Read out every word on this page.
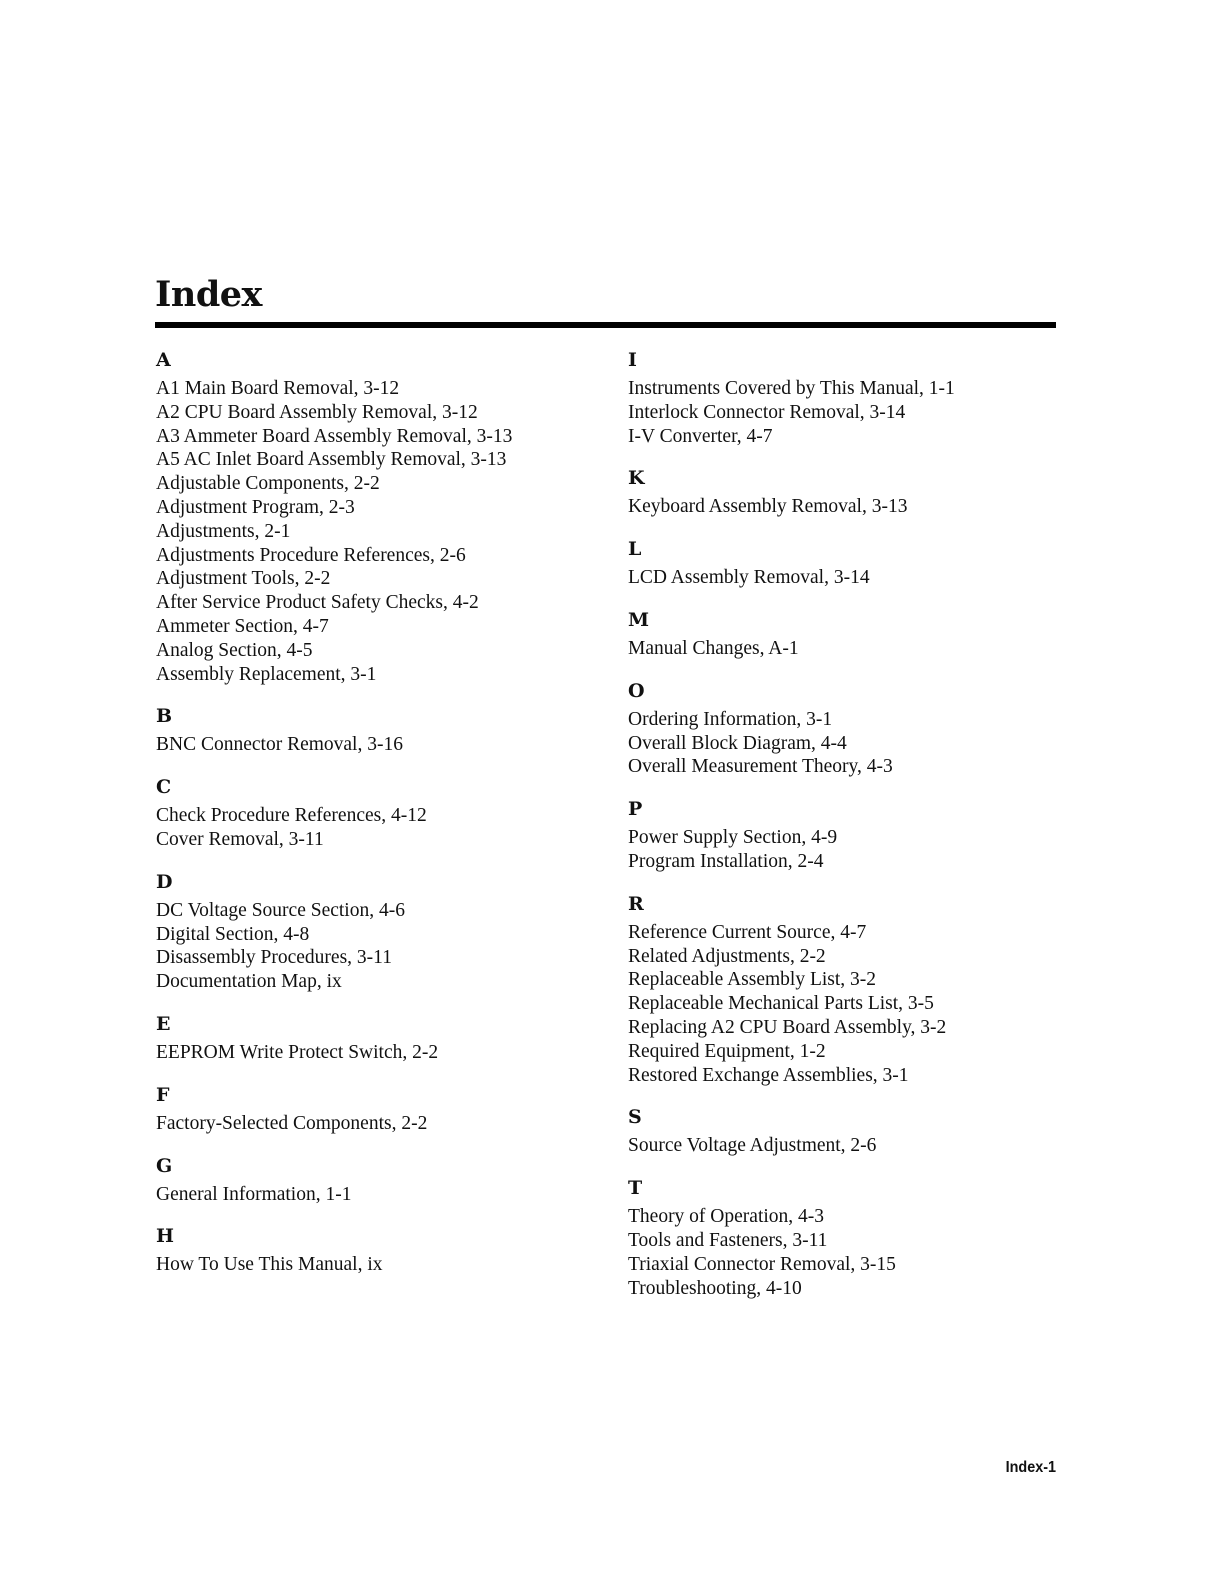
Index
A
A1 Main Board Removal, 3-12
A2 CPU Board Assembly Removal, 3-12
A3 Ammeter Board Assembly Removal, 3-13
A5 AC Inlet Board Assembly Removal, 3-13
Adjustable Components, 2-2
Adjustment Program, 2-3
Adjustments, 2-1
Adjustments Procedure References, 2-6
Adjustment Tools, 2-2
After Service Product Safety Checks, 4-2
Ammeter Section, 4-7
Analog Section, 4-5
Assembly Replacement, 3-1
B
BNC Connector Removal, 3-16
C
Check Procedure References, 4-12
Cover Removal, 3-11
D
DC Voltage Source Section, 4-6
Digital Section, 4-8
Disassembly Procedures, 3-11
Documentation Map, ix
E
EEPROM Write Protect Switch, 2-2
F
Factory-Selected Components, 2-2
G
General Information, 1-1
H
How To Use This Manual, ix
I
Instruments Covered by This Manual, 1-1
Interlock Connector Removal, 3-14
I-V Converter, 4-7
K
Keyboard Assembly Removal, 3-13
L
LCD Assembly Removal, 3-14
M
Manual Changes, A-1
O
Ordering Information, 3-1
Overall Block Diagram, 4-4
Overall Measurement Theory, 4-3
P
Power Supply Section, 4-9
Program Installation, 2-4
R
Reference Current Source, 4-7
Related Adjustments, 2-2
Replaceable Assembly List, 3-2
Replaceable Mechanical Parts List, 3-5
Replacing A2 CPU Board Assembly, 3-2
Required Equipment, 1-2
Restored Exchange Assemblies, 3-1
S
Source Voltage Adjustment, 2-6
T
Theory of Operation, 4-3
Tools and Fasteners, 3-11
Triaxial Connector Removal, 3-15
Troubleshooting, 4-10
Index-1
